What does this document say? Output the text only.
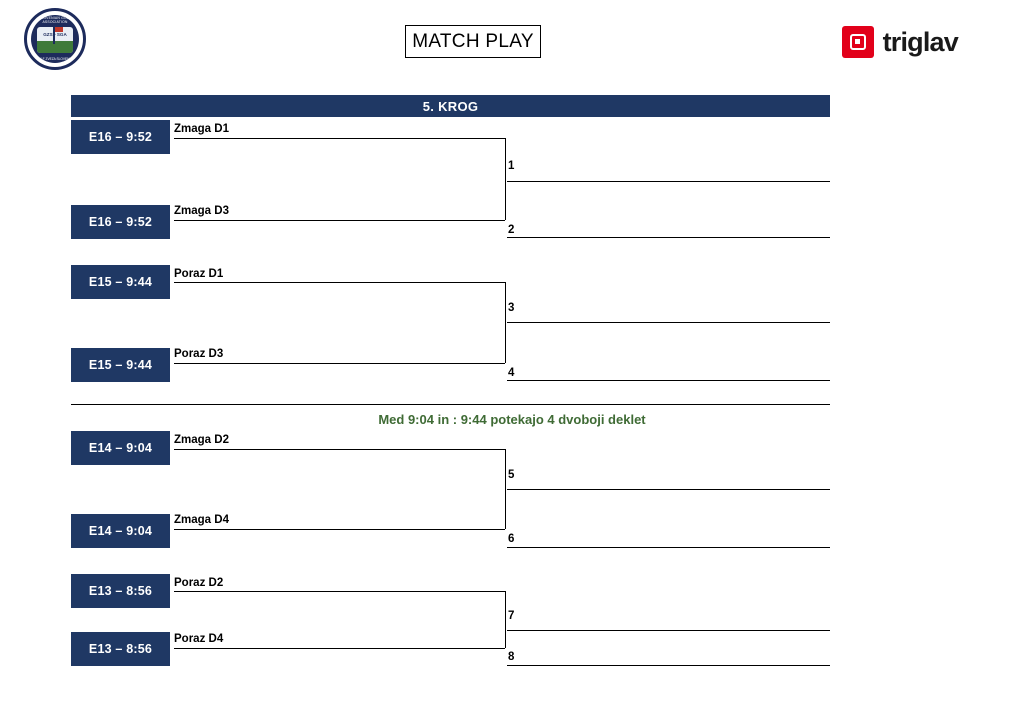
SLOVENIAN GOLF ASSOCIATION
GZS • SGA
GOLF ZVEZA SLOVENIJE
MATCH PLAY	triglav
5. KROG
E16 – 9:52
Zmaga D1
E16 – 9:52
Zmaga D3
1
2
E15 – 9:44
Poraz D1
E15 – 9:44
Poraz D3
3
4
Med 9:04 in : 9:44 potekajo 4 dvoboji deklet
E14 – 9:04
Zmaga D2
E14 – 9:04
Zmaga D4
5
6
E13 – 8:56
Poraz D2
E13 – 8:56
Poraz D4
7
8
